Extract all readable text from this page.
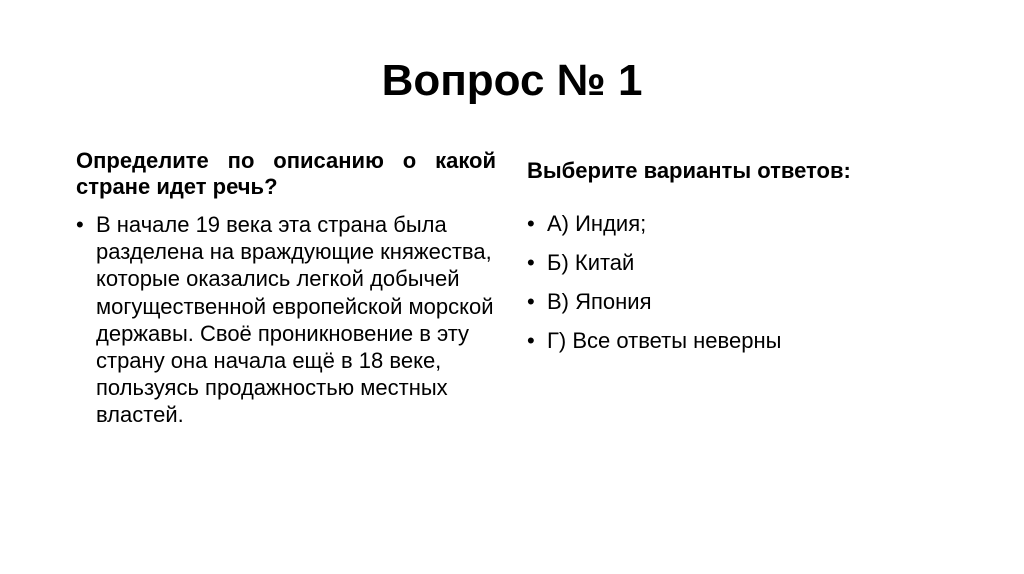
Вопрос № 1

Определите по описанию о какой стране идет речь?

• В начале 19 века эта страна была разделена на враждующие княжества, которые оказались легкой добычей могущественной европейской морской державы. Своё проникновение в эту страну она начала ещё в 18 веке, пользуясь продажностью местных властей.

Выберите варианты ответов:

• А) Индия;
• Б) Китай
• В) Япония
• Г) Все ответы неверны
